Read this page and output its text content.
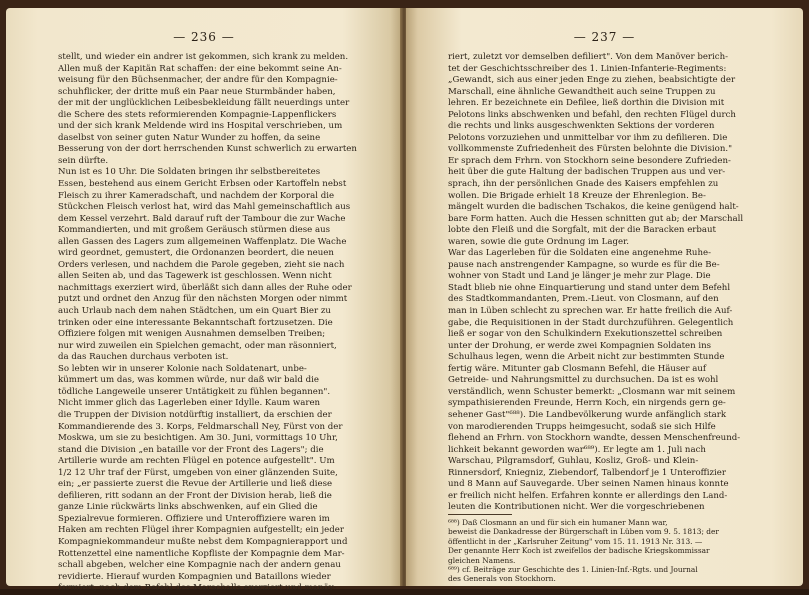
— 236 —
stellt, und wieder ein andrer ist gekommen, sich krank zu melden.
Allen muß der Kapitän Rat schaffen: der eine bekommt seine An-
weisung für den Büchsenmacher, der andre für den Kompagnie-
schuhflicker, der dritte muß ein Paar neue Sturmbänder haben,
der mit der unglücklichen Leibesbekleidung fällt neuerdings unter
die Schere des stets reformierenden Kompagnie-Lappenflickers
und der sich krank Meldende wird ins Hospital verschrieben, um
daselbst von seiner guten Natur Wunder zu hoffen, da seine
Besserung von der dort herrschenden Kunst schwerlich zu erwarten
sein dürfte.
Nun ist es 10 Uhr. Die Soldaten bringen ihr selbstbereitetes
Essen, bestehend aus einem Gericht Erbsen oder Kartoffeln nebst
Fleisch zu ihrer Kameradschaft, und nachdem der Korporal die
Stückchen Fleisch verlost hat, wird das Mahl gemeinschaftlich aus
dem Kessel verzehrt. Bald darauf ruft der Tambour die zur Wache
Kommandierten, und mit großem Geräusch stürmen diese aus
allen Gassen des Lagers zum allgemeinen Waffenplatz. Die Wache
wird geordnet, gemustert, die Ordonanzen beordert, die neuen
Orders verlesen, und nachdem die Parole gegeben, zieht sie nach
allen Seiten ab, und das Tagewerk ist geschlossen. Wenn nicht
nachmittags exerziert wird, überläßt sich dann alles der Ruhe oder
putzt und ordnet den Anzug für den nächsten Morgen oder nimmt
auch Urlaub nach dem nahen Städtchen, um ein Quart Bier zu
trinken oder eine interessante Bekanntschaft fortzusetzen. Die
Offiziere folgen mit wenigen Ausnahmen demselben Treiben;
nur wird zuweilen ein Spielchen gemacht, oder man räsonniert,
da das Rauchen durchaus verboten ist.
So lebten wir in unserer Kolonie nach Soldatenart, unbe-
kümmert um das, was kommen würde, nur daß wir bald die
tödliche Langeweile unserer Untätigkeit zu fühlen begannen".
Nicht immer glich das Lagerleben einer Idylle. Kaum waren
die Truppen der Division notdürftig installiert, da erschien der
Kommandierende des 3. Korps, Feldmarschall Ney, Fürst von der
Moskwa, um sie zu besichtigen. Am 30. Juni, vormittags 10 Uhr,
stand die Division „en bataille vor der Front des Lagers"; die
Artillerie wurde am rechten Flügel en potence aufgestellt". Um
1/2 12 Uhr traf der Fürst, umgeben von einer glänzenden Suite,
ein; „er passierte zuerst die Revue der Artillerie und ließ diese
defilieren, ritt sodann an der Front der Division herab, ließ die
ganze Linie rückwärts links abschwenken, auf ein Glied die
Spezialrevue formieren. Offiziere und Unteroffiziere waren im
Haken am rechten Flügel ihrer Kompagnien aufgestellt; ein jeder
Kompagniekommandeur mußte nebst dem Kompagnierapport und
Rottenzettel eine namentliche Kopfliste der Kompagnie dem Mar-
schall abgeben, welcher eine Kompagnie nach der andern genau
revidierte. Hierauf wurden Kompagnien und Bataillons wieder
formiert, nach dem Befehl des Marschalls exerziert und manöv-
— 237 —
riert, zuletzt vor demselben defiliert". Von dem Manöver berich-
tet der Geschichtsschreiber des 1. Linien-Infanterie-Regiments:
„Gewandt, sich aus einer jeden Enge zu ziehen, beabsichtigte der
Marschall, eine ähnliche Gewandtheit auch seine Truppen zu
lehren. Er bezeichnete ein Defilee, ließ dorthin die Division mit
Pelotons links abschwenken und befahl, den rechten Flügel durch
die rechts und links ausgeschwenkten Sektions der vorderen
Pelotons vorzuziehen und unmittelbar vor ihm zu defilieren. Die
vollkommenste Zufriedenheit des Fürsten belohnte die Division."
Er sprach dem Frhrn. von Stockhorn seine besondere Zufrieden-
heit über die gute Haltung der badischen Truppen aus und ver-
sprach, ihn der persönlichen Gnade des Kaisers empfehlen zu
wollen. Die Brigade erhielt 18 Kreuze der Ehrenlegion. Be-
mängelt wurden die badischen Tschakos, die keine genügend halt-
bare Form hatten. Auch die Hessen schnitten gut ab; der Marschall
lobte den Fleiß und die Sorgfalt, mit der die Baracken erbaut
waren, sowie die gute Ordnung im Lager.
War das Lagerleben für die Soldaten eine angenehme Ruhe-
pause nach anstrengender Kampagne, so wurde es für die Be-
wohner von Stadt und Land je länger je mehr zur Plage. Die
Stadt blieb nie ohne Einquartierung und stand unter dem Befehl
des Stadtkommandanten, Prem.-Lieut. von Closmann, auf den
man in Lüben schlecht zu sprechen war. Er hatte freilich die Auf-
gabe, die Requisitionen in der Stadt durchzuführen. Gelegentlich
ließ er sogar von den Schulkindern Exekutionszettel schreiben
unter der Drohung, er werde zwei Kompagnien Soldaten ins
Schulhaus legen, wenn die Arbeit nicht zur bestimmten Stunde
fertig wäre. Mitunter gab Closmann Befehl, die Häuser auf
Getreide- und Nahrungsmittel zu durchsuchen. Da ist es wohl
verständlich, wenn Schuster bemerkt: „Closmann war mit seinem
sympathisierenden Freunde, Herrn Koch, ein nirgends gern ge-
sehener Gast"⁶⁸⁸). Die Landbevölkerung wurde anfänglich stark
von marodierenden Trupps heimgesucht, sodaß sie sich Hilfe
flehend an Frhrn. von Stockhorn wandte, dessen Menschenfreund-
lichkeit bekannt geworden war⁶⁸⁹). Er legte am 1. Juli nach
Warschau, Pilgramsdorf, Guhlau, Kosliz, Groß- und Klein-
Rinnersdorf, Kniegniz, Ziebendorf, Talbendorf je 1 Unteroffizier
und 8 Mann auf Sauvegarde. Über seinen Namen hinaus konnte
er freilich nicht helfen. Erfahren konnte er allerdings den Land-
leuten die Kontributionen nicht. Wer die vorgeschriebenen
⁶⁸⁸) Daß Closmann an und für sich ein humaner Mann war,
beweist die Dankadresse der Bürgerschaft in Lüben vom 9. 5. 1813; der
öffentlicht in der „Karlsruher Zeitung" vom 15. 11. 1913 Nr. 313. —
Der genannte Herr Koch ist zweifellos der badische Kriegskommissar
gleichen Namens.
⁶⁸⁹) cf. Beiträge zur Geschichte des 1. Linien-Inf.-Rgts. und Journal
des Generals von Stockhorn.
